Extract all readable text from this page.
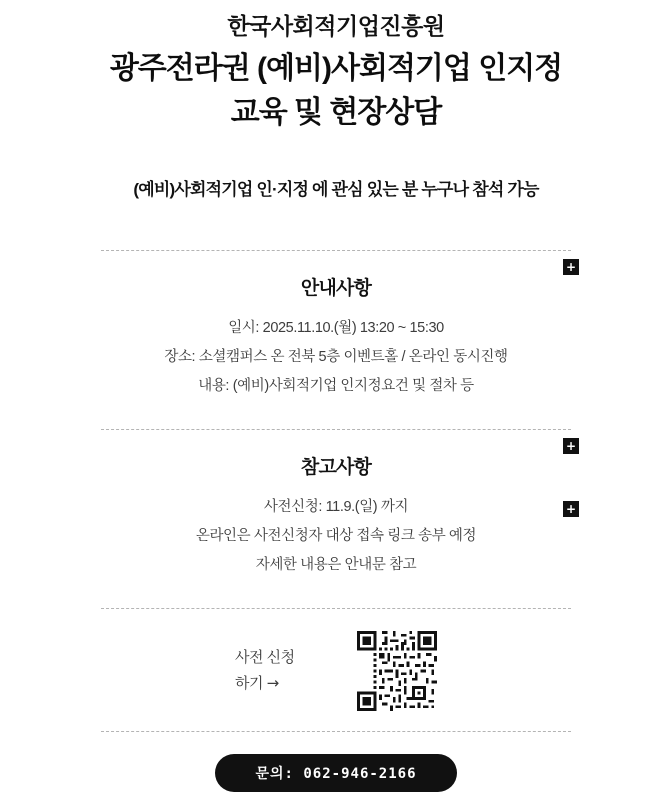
한국사회적기업진흥원
광주전라권 (예비)사회적기업 인지정
교육 및 현장상담
(예비)사회적기업 인·지정 에 관심 있는 분 누구나 참석 가능
+
안내사항
일시: 2025.11.10.(월) 13:20 ~ 15:30
장소: 소셜캠퍼스 온 전북 5층 이벤트홀 / 온라인 동시진행
내용: (예비)사회적기업 인지정요건 및 절차 등
+
참고사항
사전신청: 11.9.(일) 까지
온라인은 사전신청자 대상 접속 링크 송부 예정
자세한 내용은 안내문 참고
+
사전 신청
하기 →
문의: 062-946-2166
